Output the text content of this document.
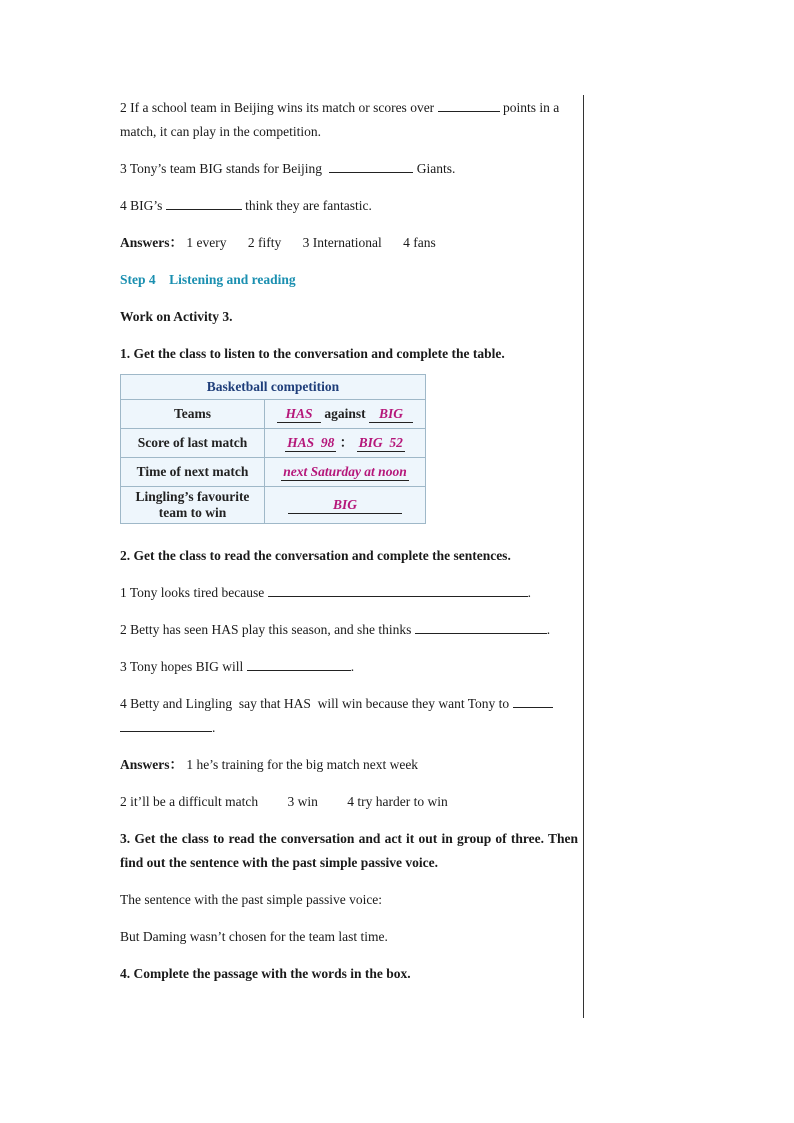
2 If a school team in Beijing wins its match or scores over	points in a
match, it can play in the competition.

3 Tony’s team BIG stands for Beijing	Giants.

4 BIG’s	think they are fantastic.

Answers： 1 every 2 fifty 3 International 4 fans

Step 4    Listening and reading

Work on Activity 3.

1. Get the class to listen to the conversation and complete the table.

Basketball competition	
Teams	HAS against BIG
Score of last match	HAS  98 ： BIG  52
Time of next match	next Saturday at noon
Lingling’s favourite team to win	BIG

2. Get the class to read the conversation and complete the sentences.

1 Tony looks tired because	.

2 Betty has seen HAS play this season, and she thinks	.

3 Tony hopes BIG will	.

4 Betty and Lingling  say that HAS  will win because they want Tony to
.

Answers： 1 he’s training for the big match next week

2 it’ll be a difficult match 3 win 4 try harder to win

3. Get the class to read the conversation and act it out in group of three. Then find out the sentence with the past simple passive voice.

The sentence with the past simple passive voice:

But Daming wasn’t chosen for the team last time.

4. Complete the passage with the words in the box.
